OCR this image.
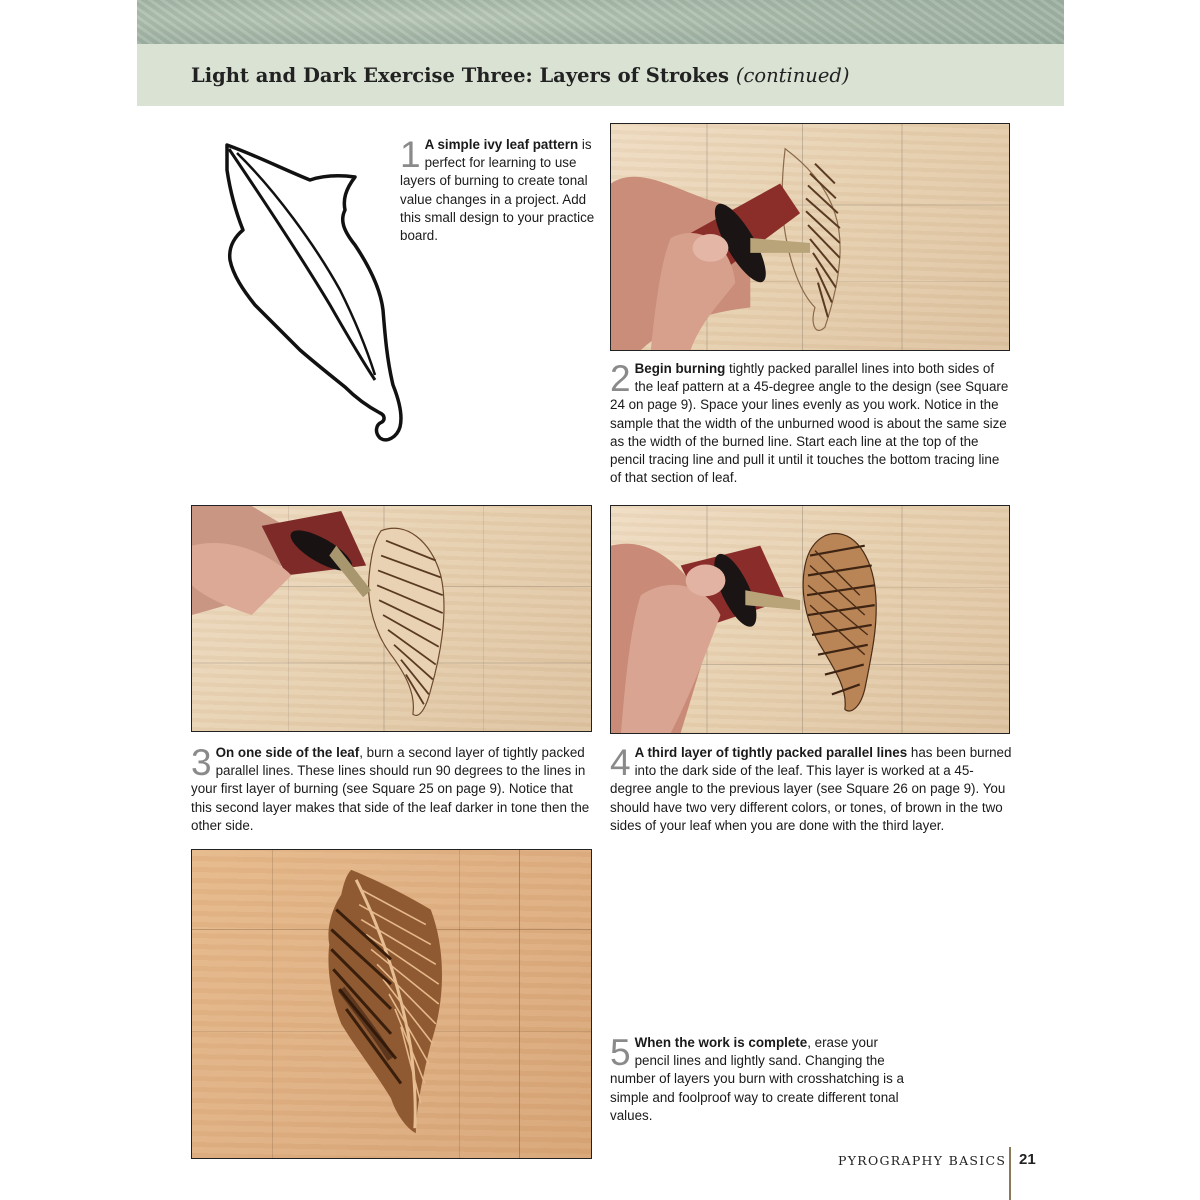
Light and Dark Exercise Three: Layers of Strokes (continued)

1 A simple ivy leaf pattern is perfect for learning to use layers of burning to create tonal value changes in a project. Add this small design to your practice board.

2 Begin burning tightly packed parallel lines into both sides of the leaf pattern at a 45-degree angle to the design (see Square 24 on page 9). Space your lines evenly as you work. Notice in the sample that the width of the unburned wood is about the same size as the width of the burned line. Start each line at the top of the pencil tracing line and pull it until it touches the bottom tracing line of that section of leaf.

3 On one side of the leaf, burn a second layer of tightly packed parallel lines. These lines should run 90 degrees to the lines in your first layer of burning (see Square 25 on page 9). Notice that this second layer makes that side of the leaf darker in tone then the other side.

4 A third layer of tightly packed parallel lines has been burned into the dark side of the leaf. This layer is worked at a 45-degree angle to the previous layer (see Square 26 on page 9). You should have two very different colors, or tones, of brown in the two sides of your leaf when you are done with the third layer.

5 When the work is complete, erase your pencil lines and lightly sand. Changing the number of layers you burn with crosshatching is a simple and foolproof way to create different tonal values.

PYROGRAPHY BASICS 21
